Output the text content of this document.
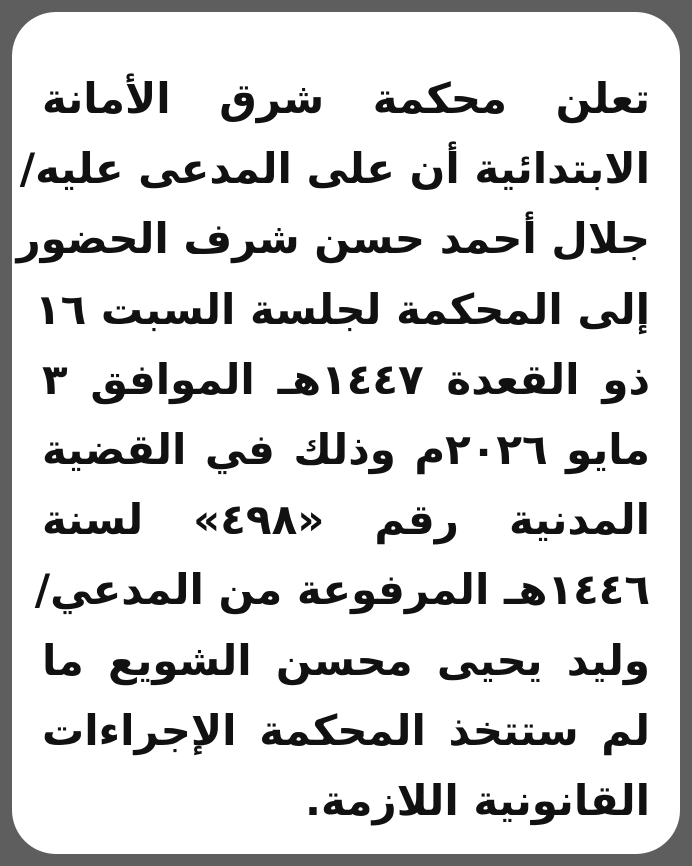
تعلن محكمة شرق الأمانة
الابتدائية أن على المدعى عليه/
جلال أحمد حسن شرف الحضور
إلى المحكمة لجلسة السبت ١٦
ذو القعدة ١٤٤٧هـ الموافق ٣
مايو ٢٠٢٦م وذلك في القضية
المدنية رقم «٤٩٨» لسنة
١٤٤٦هـ المرفوعة من المدعي/
وليد يحيى محسن الشويع ما
لم ستتخذ المحكمة الإجراءات
القانونية اللازمة.
